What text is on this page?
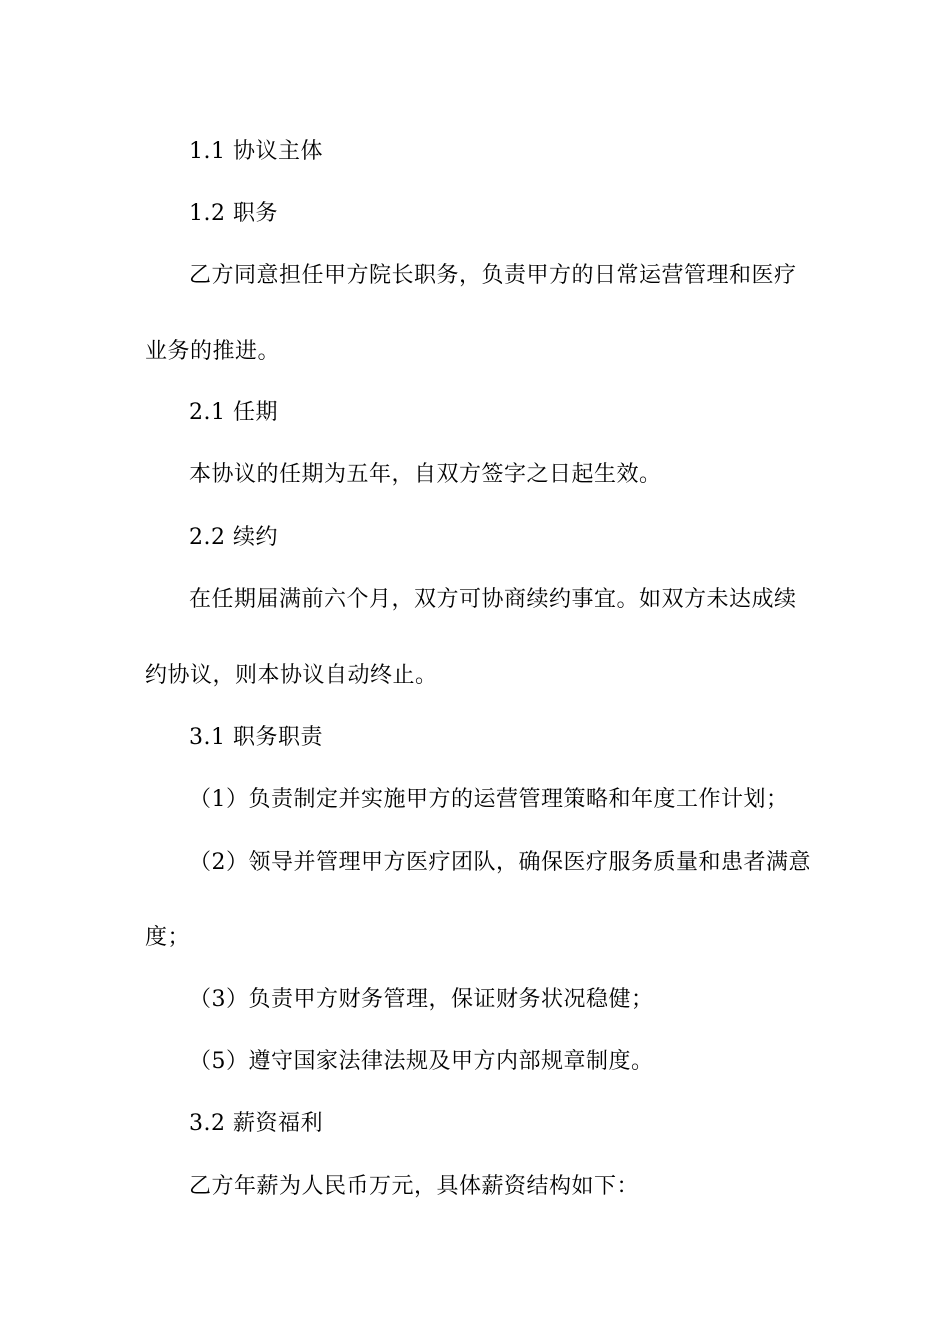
1.1 协议主体
1.2 职务
乙方同意担任甲方院长职务，负责甲方的日常运营管理和医疗
业务的推进。
2.1 任期
本协议的任期为五年，自双方签字之日起生效。
2.2 续约
在任期届满前六个月，双方可协商续约事宜。如双方未达成续
约协议，则本协议自动终止。
3.1 职务职责
（1）负责制定并实施甲方的运营管理策略和年度工作计划；
（2）领导并管理甲方医疗团队，确保医疗服务质量和患者满意
度；
（3）负责甲方财务管理，保证财务状况稳健；
（5）遵守国家法律法规及甲方内部规章制度。
3.2 薪资福利
乙方年薪为人民币万元，具体薪资结构如下：
